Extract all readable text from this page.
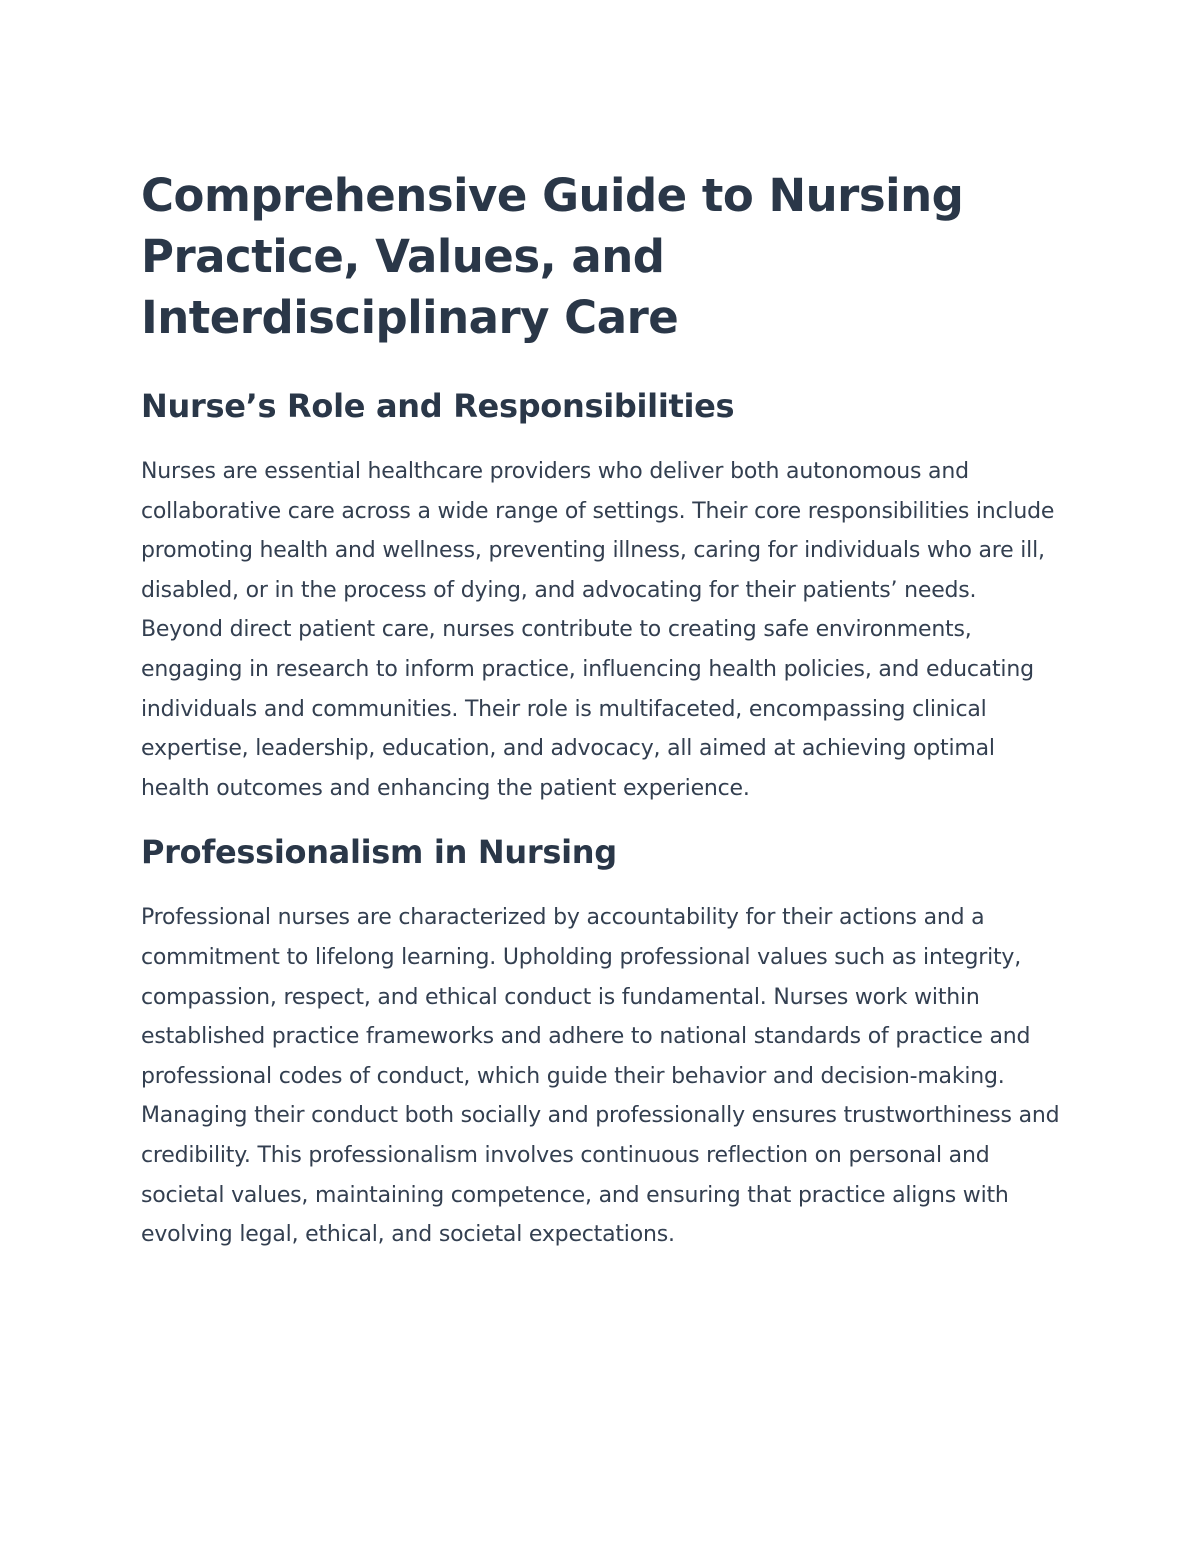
Comprehensive Guide to Nursing Practice, Values, and Interdisciplinary Care
Nurse’s Role and Responsibilities

Nurses are essential healthcare providers who deliver both autonomous and collaborative care across a wide range of settings. Their core responsibilities include promoting health and wellness, preventing illness, caring for individuals who are ill, disabled, or in the process of dying, and advocating for their patients’ needs. Beyond direct patient care, nurses contribute to creating safe environments, engaging in research to inform practice, influencing health policies, and educating individuals and communities. Their role is multifaceted, encompassing clinical expertise, leadership, education, and advocacy, all aimed at achieving optimal health outcomes and enhancing the patient experience.

Professionalism in Nursing

Professional nurses are characterized by accountability for their actions and a commitment to lifelong learning. Upholding professional values such as integrity, compassion, respect, and ethical conduct is fundamental. Nurses work within established practice frameworks and adhere to national standards of practice and professional codes of conduct, which guide their behavior and decision-making. Managing their conduct both socially and professionally ensures trustworthiness and credibility. This professionalism involves continuous reflection on personal and societal values, maintaining competence, and ensuring that practice aligns with evolving legal, ethical, and societal expectations.
